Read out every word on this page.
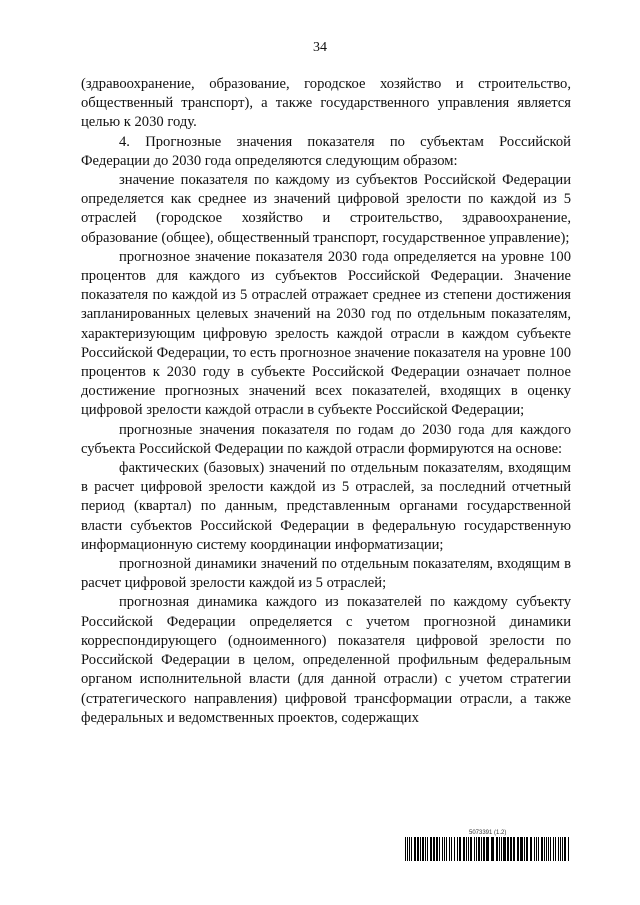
34

(здравоохранение, образование, городское хозяйство и строительство, общественный транспорт), а также государственного управления является целью к 2030 году.

4. Прогнозные значения показателя по субъектам Российской Федерации до 2030 года определяются следующим образом:

значение показателя по каждому из субъектов Российской Федерации определяется как среднее из значений цифровой зрелости по каждой из 5 отраслей (городское хозяйство и строительство, здравоохранение, образование (общее), общественный транспорт, государственное управление);

прогнозное значение показателя 2030 года определяется на уровне 100 процентов для каждого из субъектов Российской Федерации. Значение показателя по каждой из 5 отраслей отражает среднее из степени достижения запланированных целевых значений на 2030 год по отдельным показателям, характеризующим цифровую зрелость каждой отрасли в каждом субъекте Российской Федерации, то есть прогнозное значение показателя на уровне 100 процентов к 2030 году в субъекте Российской Федерации означает полное достижение прогнозных значений всех показателей, входящих в оценку цифровой зрелости каждой отрасли в субъекте Российской Федерации;

прогнозные значения показателя по годам до 2030 года для каждого субъекта Российской Федерации по каждой отрасли формируются на основе:

фактических (базовых) значений по отдельным показателям, входящим в расчет цифровой зрелости каждой из 5 отраслей, за последний отчетный период (квартал) по данным, представленным органами государственной власти субъектов Российской Федерации в федеральную государственную информационную систему координации информатизации;

прогнозной динамики значений по отдельным показателям, входящим в расчет цифровой зрелости каждой из 5 отраслей;

прогнозная динамика каждого из показателей по каждому субъекту Российской Федерации определяется с учетом прогнозной динамики корреспондирующего (одноименного) показателя цифровой зрелости по Российской Федерации в целом, определенной профильным федеральным органом исполнительной власти (для данной отрасли) с учетом стратегии (стратегического направления) цифровой трансформации отрасли, а также федеральных и ведомственных проектов, содержащих

5073391 (1.2)
